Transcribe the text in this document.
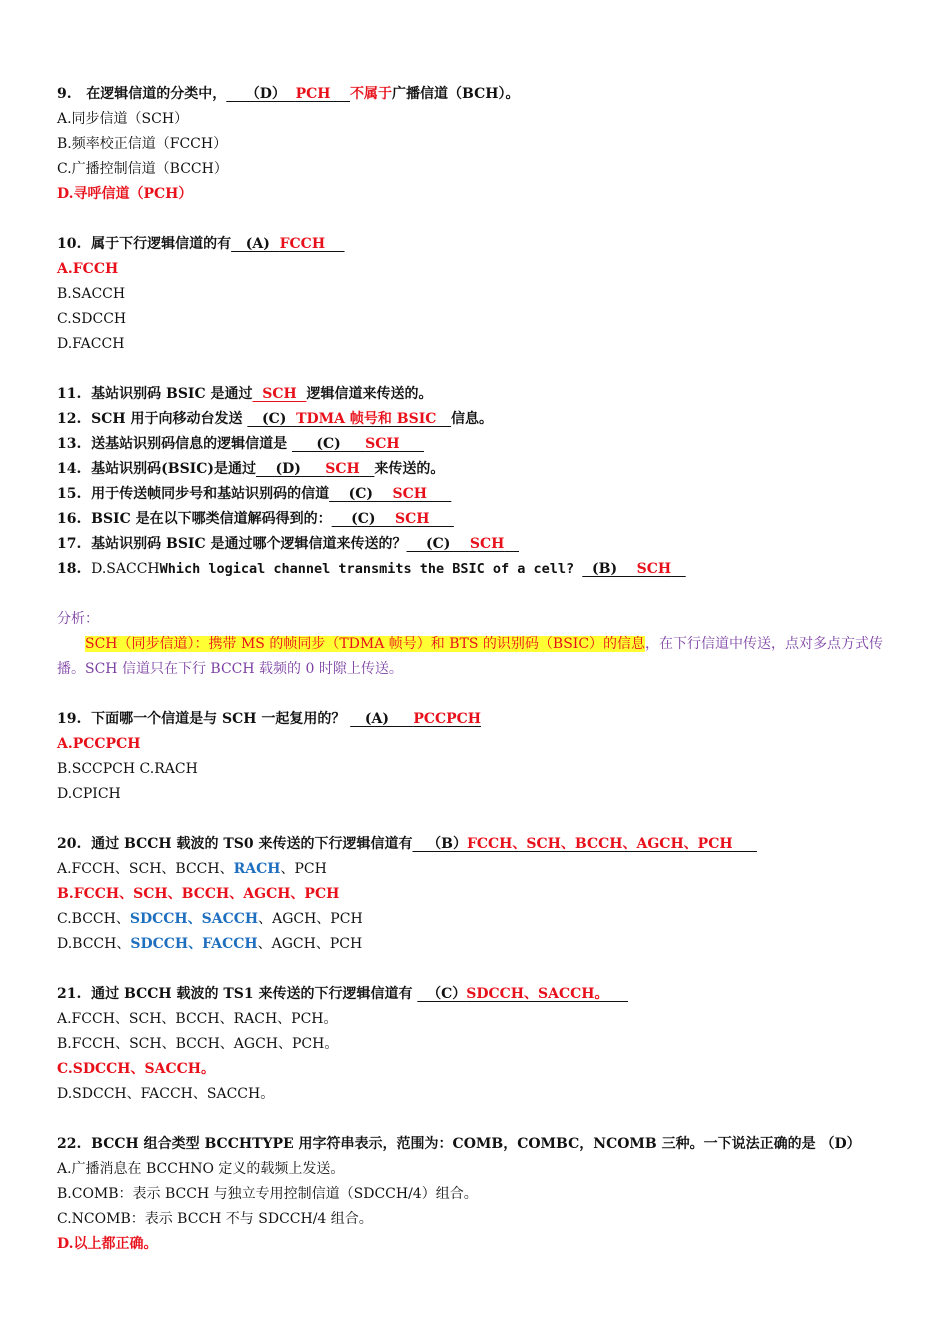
9. 在逻辑信道的分类中，    （D）  PCH 不属于广播信道（BCH）。
A.同步信道（SCH）
B.频率校正信道（FCCH）
C.广播控制信道（BCCH）
D.寻呼信道（PCH）
10. 属于下行逻辑信道的有   (A)  FCCH
A.FCCH
B.SACCH
C.SDCCH
D.FACCH
11. 基站识别码 BSIC 是通过  SCH  逻辑信道来传送的。
12. SCH 用于向移动台发送    (C)  TDMA 帧号和 BSIC 信息。
13. 送基站识别码信息的逻辑信道是      (C)     SCH
14. 基站识别码(BSIC)是通过    (D)     SCH 来传送的。
15. 用于传送帧同步号和基站识别码的信道    (C)    SCH
16. BSIC 是在以下哪类信道解码得到的：    (C)    SCH
17. 基站识别码 BSIC 是通过哪个逻辑信道来传送的？    (C)    SCH
18. D.SACCHWhich logical channel transmits the BSIC of a cell?   (B)    SCH
分析：
SCH（同步信道）：携带 MS 的帧同步（TDMA 帧号）和 BTS 的识别码（BSIC）的信息，在下行信道中传送，点对多点方式传播。SCH 信道只在下行 BCCH 载频的 0 时隙上传送。
19. 下面哪一个信道是与 SCH 一起复用的？    (A)     PCCPCH
A.PCCPCH
B.SCCPCH C.RACH
D.CPICH
20. 通过 BCCH 载波的 TS0 来传送的下行逻辑信道有   （B）FCCH、SCH、BCCH、AGCH、PCH
A.FCCH、SCH、BCCH、RACH、PCH
B.FCCH、SCH、BCCH、AGCH、PCH
C.BCCH、SDCCH、SACCH、AGCH、PCH
D.BCCH、SDCCH、FACCH、AGCH、PCH
21. 通过 BCCH 载波的 TS1 来传送的下行逻辑信道有   （C）SDCCH、SACCH。
A.FCCH、SCH、BCCH、RACH、PCH。
B.FCCH、SCH、BCCH、AGCH、PCH。
C.SDCCH、SACCH。
D.SDCCH、FACCH、SACCH。
22. BCCH 组合类型 BCCHTYPE 用字符串表示，范围为：COMB，COMBC，NCOMB 三种。一下说法正确的是 （D）
A.广播消息在 BCCHNO 定义的载频上发送。
B.COMB：表示 BCCH 与独立专用控制信道（SDCCH/4）组合。
C.NCOMB：表示 BCCH 不与 SDCCH/4 组合。
D.以上都正确。
